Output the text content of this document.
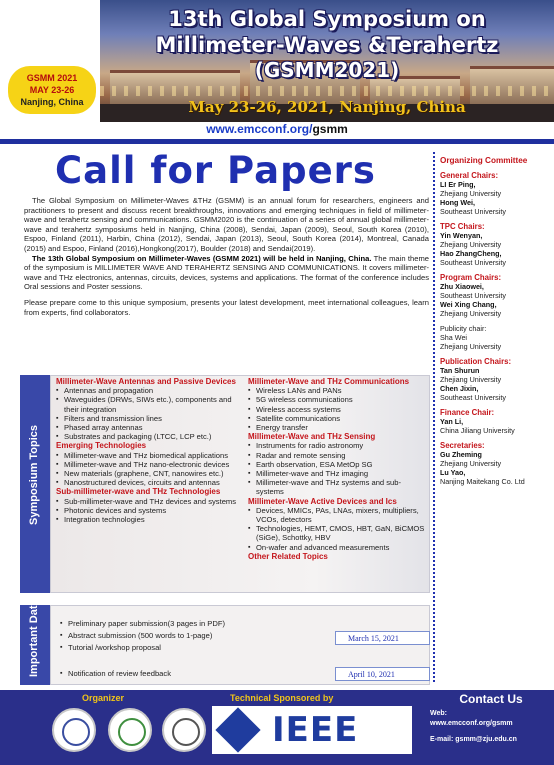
13th Global Symposium on
Millimeter-Waves &Terahertz
(GSMM2021)
May 23-26, 2021, Nanjing, China
GSMM 2021
MAY 23-26
Nanjing, China
www.emcconf.org/gsmm
Call for Papers

The Global Symposium on Millimeter-Waves &THz (GSMM) is an annual forum for researchers, engineers and practitioners to present and discuss recent breakthroughs, innovations and emerging techniques in field of millimeter-wave and terahertz sensing and communications. GSMM2020 is the continuation of a series of annual global millimeter-wave and terahertz symposiums held in Nanjing, China (2008), Sendai, Japan (2009), Seoul, South Korea (2010), Espoo, Finland (2011), Harbin, China (2012), Sendai, Japan (2013), Seoul, South Korea (2014), Montreal, Canada (2015) and Espoo, Finland (2016),Hongkong(2017), Boulder (2018) and Sendai(2019).

The 13th Global Symposium on Millimeter-Waves (GSMM 2021) will be held in Nanjing, China. The main theme of the symposium is MILLIMETER WAVE AND TERAHERTZ SENSING AND COMMUNICATIONS. It covers millimeter-wave and THz electronics, antennas, circuits, devices, systems and applications. The format of the conference includes Oral sessions and Poster sessions.

Please prepare come to this unique symposium, presents your latest development, meet international colleagues, learn from experts, find collaborators.

Organizing Committee
General Chairs:
LI Er Ping,
Zhejiang University
Hong Wei,
Southeast University
TPC Chairs:
Yin Wenyan,
Zhejiang University
Hao ZhangCheng,
Southeast University
Program Chairs:
Zhu Xiaowei,
Southeast University
Wei Xing Chang,
Zhejiang University
Publicity chair:
Sha Wei
Zhejiang University
Publication Chairs:
Tan Shurun
Zhejiang University
Chen Jixin,
Southeast University
Finance Chair:
Yan Li,
China Jiliang University
Secretaries:
Gu Zheming
Zhejiang University
Lu Yao,
Nanjing Maitekang Co. Ltd
Symposium Topics
Millimeter-Wave Antennas and Passive Devices
▪ Antennas and propagation
▪ Waveguides (DRWs, SIWs etc.), components and their integration
▪ Filters and transmission lines
▪ Phased array antennas
▪ Substrates and packaging (LTCC, LCP etc.)
Emerging Technologies
▪ Millimeter-wave and THz biomedical applications
▪ Millimeter-wave and THz nano-electronic devices
▪ New materials (graphene, CNT, nanowires etc.)
▪ Nanostructured devices, circuits and antennas
Sub-millimeter-wave and THz Technologies
▪ Sub-millimeter-wave and THz devices and systems
▪ Photonic devices and systems
▪ Integration technologies
Millimeter-Wave and THz Communications
▪ Wireless LANs and PANs
▪ 5G wireless communications
▪ Wireless access systems
▪ Satellite communications
▪ Energy transfer
Millimeter-Wave and THz Sensing
▪ Instruments for radio astronomy
▪ Radar and remote sensing
▪ Earth observation, ESA MetOp SG
▪ Millimeter-wave and THz imaging
▪ Millimeter-wave and THz systems and sub-systems
Millimeter-Wave Active Devices and Ics
▪ Devices, MMICs, PAs, LNAs, mixers, multipliers, VCOs, detectors
▪ Technologies, HEMT, CMOS, HBT, GaN, BiCMOS (SiGe), Schottky, HBV
▪ On-wafer and advanced measurements
Other Related Topics
Important Dates
▪	Preliminary paper submission(3 pages in PDF)
▪ Abstract submission (500 words to 1-page)
▪ Tutorial /workshop proposal
March 15, 2021
▪ Notification of review feedback	April 10, 2021
Organizer	Technical Sponsored by
IEEE
Contact Us
Web:
www.emcconf.org/gsmm
E-mail: gsmm@zju.edu.cn
